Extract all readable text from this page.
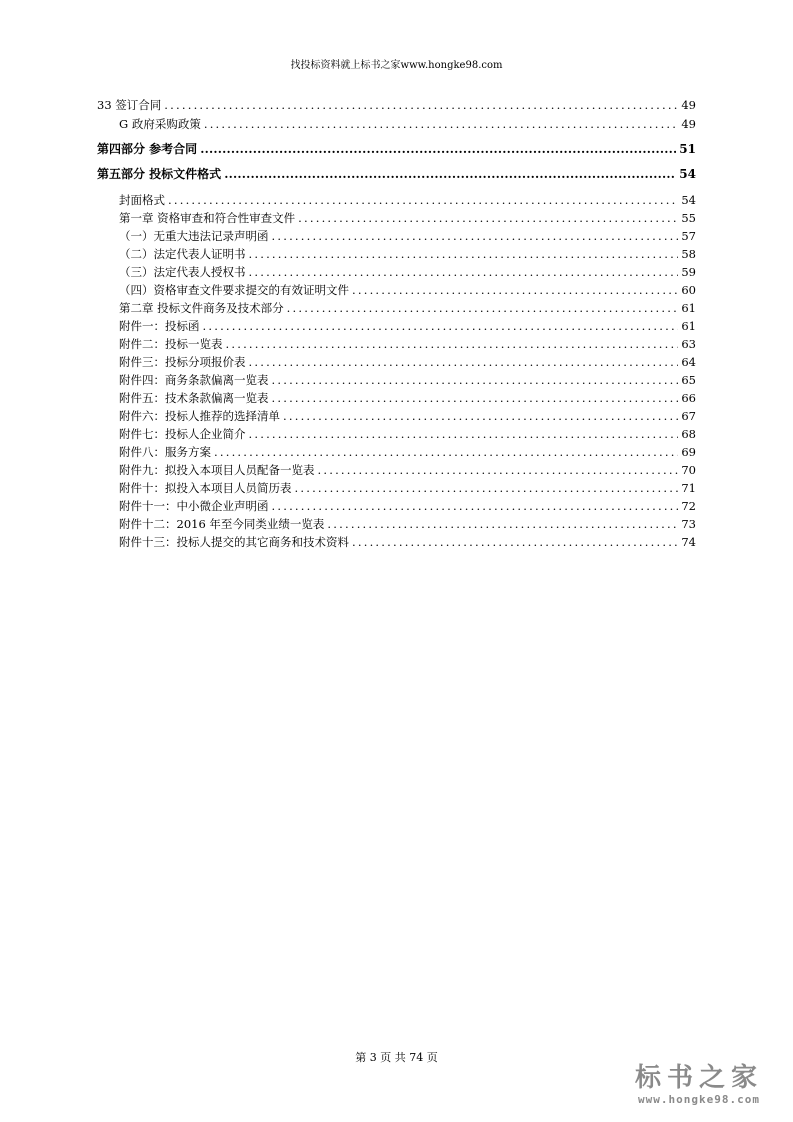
找投标资料就上标书之家www.hongke98.com
33 签订合同 .....	49
G 政府采购政策 .....	49
第四部分 参考合同 .....	51
第五部分 投标文件格式 .....	54
封面格式 .....	54
第一章 资格审查和符合性审查文件 .....	55
（一）无重大违法记录声明函 .....	57
（二）法定代表人证明书 .....	58
（三）法定代表人授权书 .....	59
（四）资格审查文件要求提交的有效证明文件 .....	60
第二章 投标文件商务及技术部分 .....	61
附件一：投标函 .....	61
附件二：投标一览表 .....	63
附件三：投标分项报价表 .....	64
附件四：商务条款偏离一览表 .....	65
附件五：技术条款偏离一览表 .....	66
附件六：投标人推荐的选择清单 .....	67
附件七：投标人企业简介 .....	68
附件八：服务方案 .....	69
附件九：拟投入本项目人员配备一览表 .....	70
附件十：拟投入本项目人员简历表 .....	71
附件十一：中小微企业声明函 .....	72
附件十二：2016 年至今同类业绩一览表 .....	73
附件十三：投标人提交的其它商务和技术资料 .....	74
第 3 页 共 74 页
标书之家
www.hongke98.com
